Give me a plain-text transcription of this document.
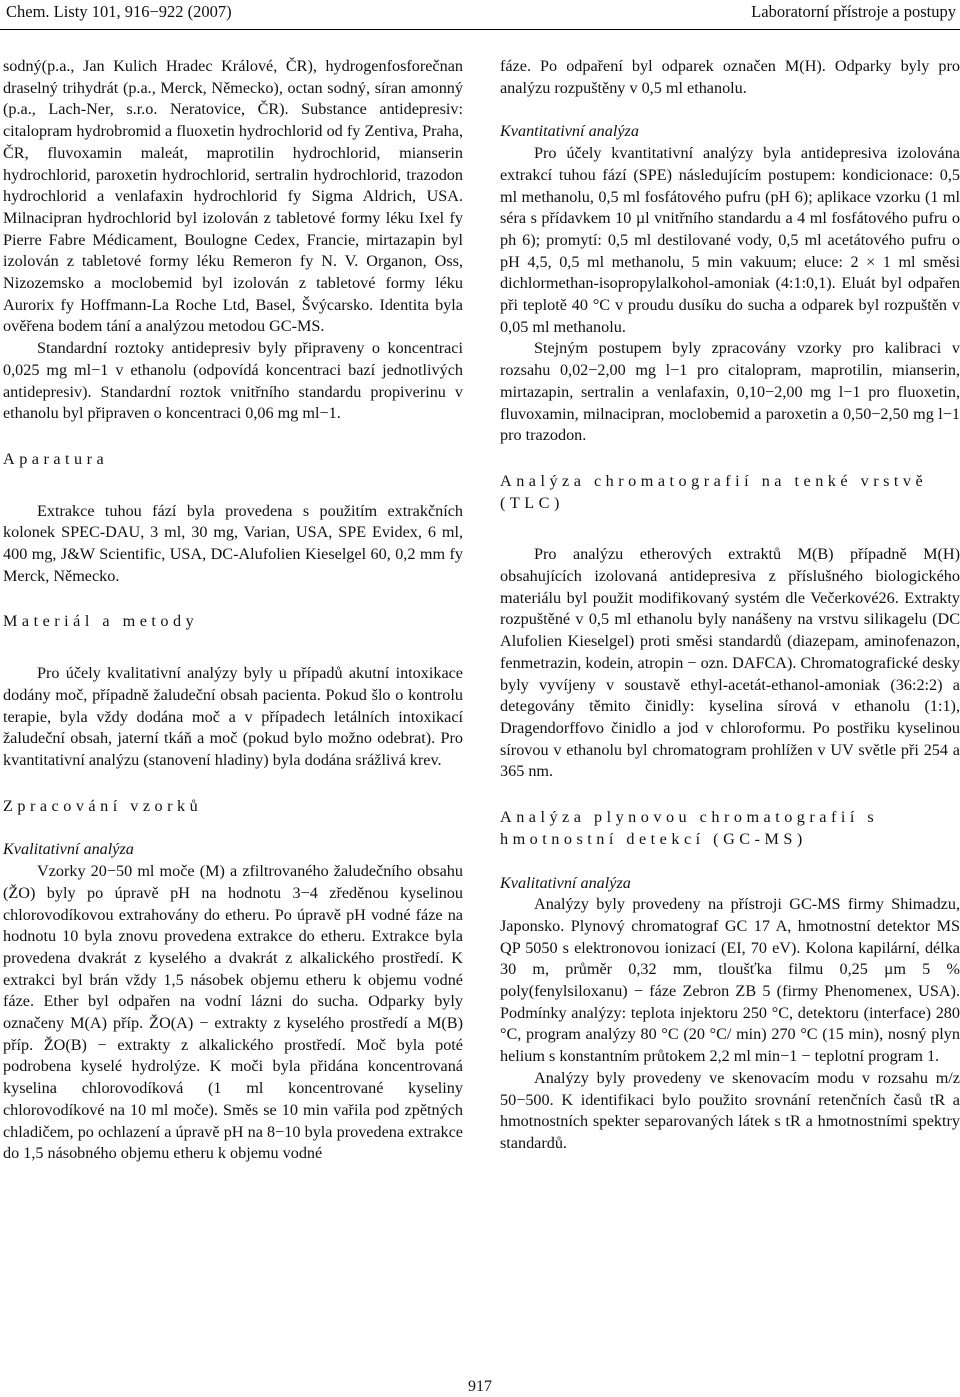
Chem. Listy 101, 916−922 (2007)	Laboratorní přístroje a postupy

sodný(p.a., Jan Kulich Hradec Králové, ČR), hydrogenfosforečnan draselný trihydrát (p.a., Merck, Německo), octan sodný, síran amonný (p.a., Lach-Ner, s.r.o. Neratovice, ČR). Substance antidepresiv: citalopram hydrobromid a fluoxetin hydrochlorid od fy Zentiva, Praha, ČR, fluvoxamin maleát, maprotilin hydrochlorid, mianserin hydrochlorid, paroxetin hydrochlorid, sertralin hydrochlorid, trazodon hydrochlorid a venlafaxin hydrochlorid fy Sigma Aldrich, USA. Milnacipran hydrochlorid byl izolován z tabletové formy léku Ixel fy Pierre Fabre Médicament, Boulogne Cedex, Francie, mirtazapin byl izolován z tabletové formy léku Remeron fy N. V. Organon, Oss, Nizozemsko a moclobemid byl izolován z tabletové formy léku Aurorix fy Hoffmann-La Roche Ltd, Basel, Švýcarsko. Identita byla ověřena bodem tání a analýzou metodou GC-MS.

Standardní roztoky antidepresiv byly připraveny o koncentraci 0,025 mg ml−1 v ethanolu (odpovídá koncentraci bazí jednotlivých antidepresiv). Standardní roztok vnitřního standardu propiverinu v ethanolu byl připraven o koncentraci 0,06 mg ml−1.

Aparatura

Extrakce tuhou fází byla provedena s použitím extrakčních kolonek SPEC-DAU, 3 ml, 30 mg, Varian, USA, SPE Evidex, 6 ml, 400 mg, J&W Scientific, USA, DC-Alufolien Kieselgel 60, 0,2 mm fy Merck, Německo.

Materiál a metody

Pro účely kvalitativní analýzy byly u případů akutní intoxikace dodány moč, případně žaludeční obsah pacienta. Pokud šlo o kontrolu terapie, byla vždy dodána moč a v případech letálních intoxikací žaludeční obsah, jaterní tkáň a moč (pokud bylo možno odebrat). Pro kvantitativní analýzu (stanovení hladiny) byla dodána srážlivá krev.

Zpracování vzorků
Kvalitativní analýza

Vzorky 20−50 ml moče (M) a zfiltrovaného žaludečního obsahu (ŽO) byly po úpravě pH na hodnotu 3−4 zředěnou kyselinou chlorovodíkovou extrahovány do etheru. Po úpravě pH vodné fáze na hodnotu 10 byla znovu provedena extrakce do etheru. Extrakce byla provedena dvakrát z kyselého a dvakrát z alkalického prostředí. K extrakci byl brán vždy 1,5 násobek objemu etheru k objemu vodné fáze. Ether byl odpařen na vodní lázni do sucha. Odparky byly označeny M(A) příp. ŽO(A) − extrakty z kyselého prostředí a M(B) příp. ŽO(B) − extrakty z alkalického prostředí. Moč byla poté podrobena kyselé hydrolýze. K moči byla přidána koncentrovaná kyselina chlorovodíková (1 ml koncentrované kyseliny chlorovodíkové na 10 ml moče). Směs se 10 min vařila pod zpětných chladičem, po ochlazení a úpravě pH na 8−10 byla provedena extrakce do 1,5 násobného objemu etheru k objemu vodné

fáze. Po odpaření byl odparek označen M(H). Odparky byly pro analýzu rozpuštěny v 0,5 ml ethanolu.

Kvantitativní analýza

Pro účely kvantitativní analýzy byla antidepresiva izolována extrakcí tuhou fází (SPE) následujícím postupem: kondicionace: 0,5 ml methanolu, 0,5 ml fosfátového pufru (pH 6); aplikace vzorku (1 ml séra s přídavkem 10 µl vnitřního standardu a 4 ml fosfátového pufru o ph 6); promytí: 0,5 ml destilované vody, 0,5 ml acetátového pufru o pH 4,5, 0,5 ml methanolu, 5 min vakuum; eluce: 2 × 1 ml směsi dichlormethan-isopropylalkohol-amoniak (4:1:0,1). Eluát byl odpařen při teplotě 40 °C v proudu dusíku do sucha a odparek byl rozpuštěn v 0,05 ml methanolu.

Stejným postupem byly zpracovány vzorky pro kalibraci v rozsahu 0,02−2,00 mg l−1 pro citalopram, maprotilin, mianserin, mirtazapin, sertralin a venlafaxin, 0,10−2,00 mg l−1 pro fluoxetin, fluvoxamin, milnacipran, moclobemid a paroxetin a 0,50−2,50 mg l−1 pro trazodon.

Analýza chromatografií na tenké vrstvě (TLC)

Pro analýzu etherových extraktů M(B) případně M(H) obsahujících izolovaná antidepresiva z příslušného biologického materiálu byl použit modifikovaný systém dle Večerkové26. Extrakty rozpuštěné v 0,5 ml ethanolu byly nanášeny na vrstvu silikagelu (DC Alufolien Kieselgel) proti směsi standardů (diazepam, aminofenazon, fenmetrazin, kodein, atropin − ozn. DAFCA). Chromatografické desky byly vyvíjeny v soustavě ethyl-acetát-ethanol-amoniak (36:2:2) a detegovány těmito činidly: kyselina sírová v ethanolu (1:1), Dragendorffovo činidlo a jod v chloroformu. Po postřiku kyselinou sírovou v ethanolu byl chromatogram prohlížen v UV světle při 254 a 365 nm.

Analýza plynovou chromatografií s hmotnostní detekcí (GC-MS)
Kvalitativní analýza

Analýzy byly provedeny na přístroji GC-MS firmy Shimadzu, Japonsko. Plynový chromatograf GC 17 A, hmotnostní detektor MS QP 5050 s elektronovou ionizací (EI, 70 eV). Kolona kapilární, délka 30 m, průměr 0,32 mm, tloušťka filmu 0,25 µm 5 % poly(fenylsiloxanu) − fáze Zebron ZB 5 (firmy Phenomenex, USA). Podmínky analýzy: teplota injektoru 250 °C, detektoru (interface) 280 °C, program analýzy 80 °C (20 °C/ min) 270 °C (15 min), nosný plyn helium s konstantním průtokem 2,2 ml min−1 − teplotní program 1.

Analýzy byly provedeny ve skenovacím modu v rozsahu m/z 50−500. K identifikaci bylo použito srovnání retenčních časů tR a hmotnostních spekter separovaných látek s tR a hmotnostními spektry standardů.

917
